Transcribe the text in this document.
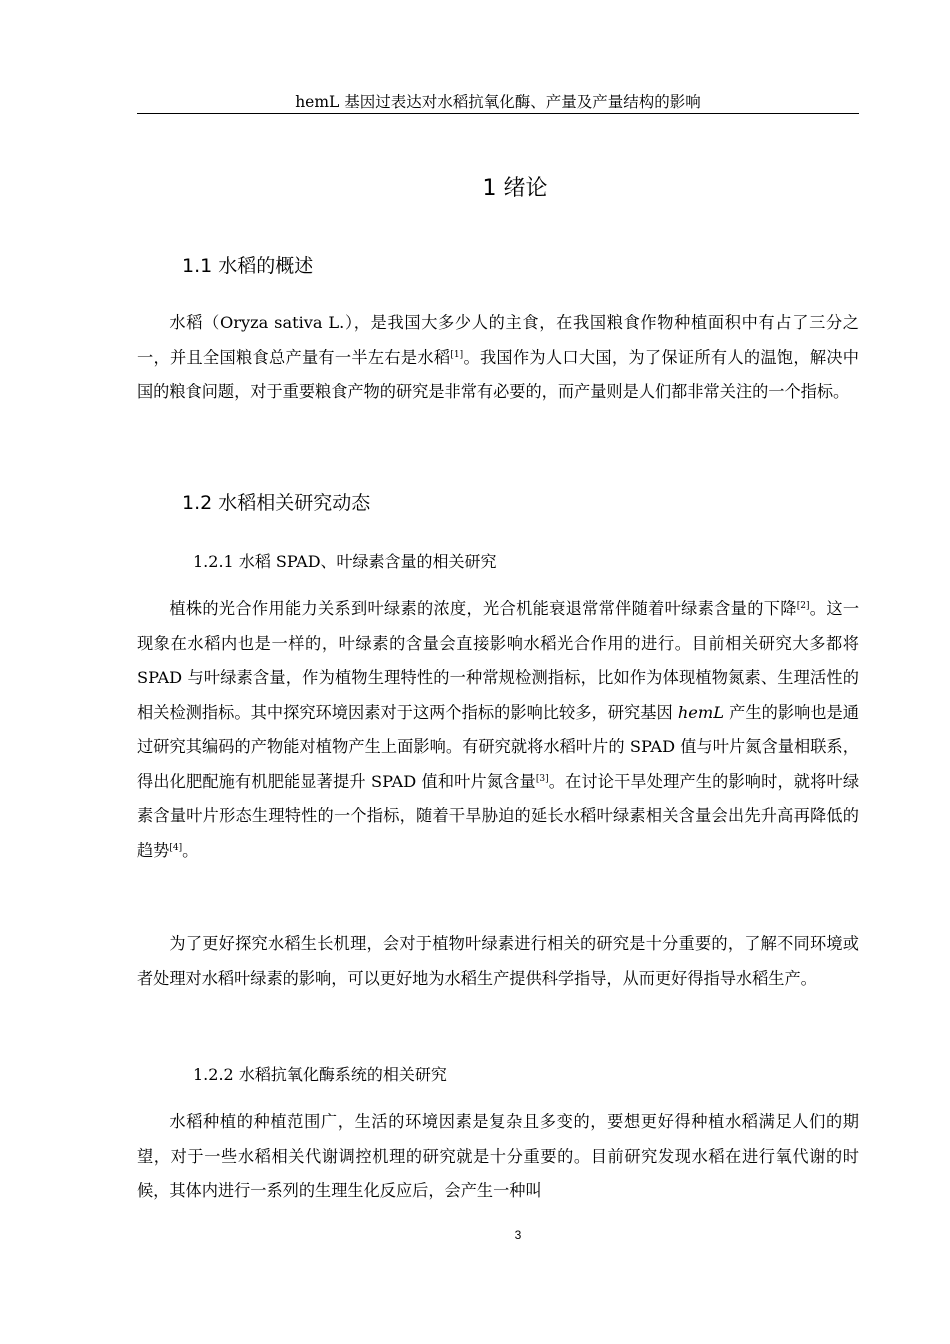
hemL 基因过表达对水稻抗氧化酶、产量及产量结构的影响
1 绪论
1.1 水稻的概述
水稻（Oryza sativa L.），是我国大多少人的主食，在我国粮食作物种植面积中有占了三分之一，并且全国粮食总产量有一半左右是水稻[1]。我国作为人口大国，为了保证所有人的温饱，解决中国的粮食问题，对于重要粮食产物的研究是非常有必要的，而产量则是人们都非常关注的一个指标。
1.2 水稻相关研究动态
1.2.1 水稻 SPAD、叶绿素含量的相关研究
植株的光合作用能力关系到叶绿素的浓度，光合机能衰退常常伴随着叶绿素含量的下降[2]。这一现象在水稻内也是一样的，叶绿素的含量会直接影响水稻光合作用的进行。目前相关研究大多都将 SPAD 与叶绿素含量，作为植物生理特性的一种常规检测指标，比如作为体现植物氮素、生理活性的相关检测指标。其中探究环境因素对于这两个指标的影响比较多，研究基因 hemL 产生的影响也是通过研究其编码的产物能对植物产生上面影响。有研究就将水稻叶片的 SPAD 值与叶片氮含量相联系，得出化肥配施有机肥能显著提升 SPAD 值和叶片氮含量[3]。在讨论干旱处理产生的影响时，就将叶绿素含量叶片形态生理特性的一个指标，随着干旱胁迫的延长水稻叶绿素相关含量会出先升高再降低的趋势[4]。
为了更好探究水稻生长机理，会对于植物叶绿素进行相关的研究是十分重要的，了解不同环境或者处理对水稻叶绿素的影响，可以更好地为水稻生产提供科学指导，从而更好得指导水稻生产。
1.2.2 水稻抗氧化酶系统的相关研究
水稻种植的种植范围广，生活的环境因素是复杂且多变的，要想更好得种植水稻满足人们的期望，对于一些水稻相关代谢调控机理的研究就是十分重要的。目前研究发现水稻在进行氧代谢的时候，其体内进行一系列的生理生化反应后，会产生一种叫
3
